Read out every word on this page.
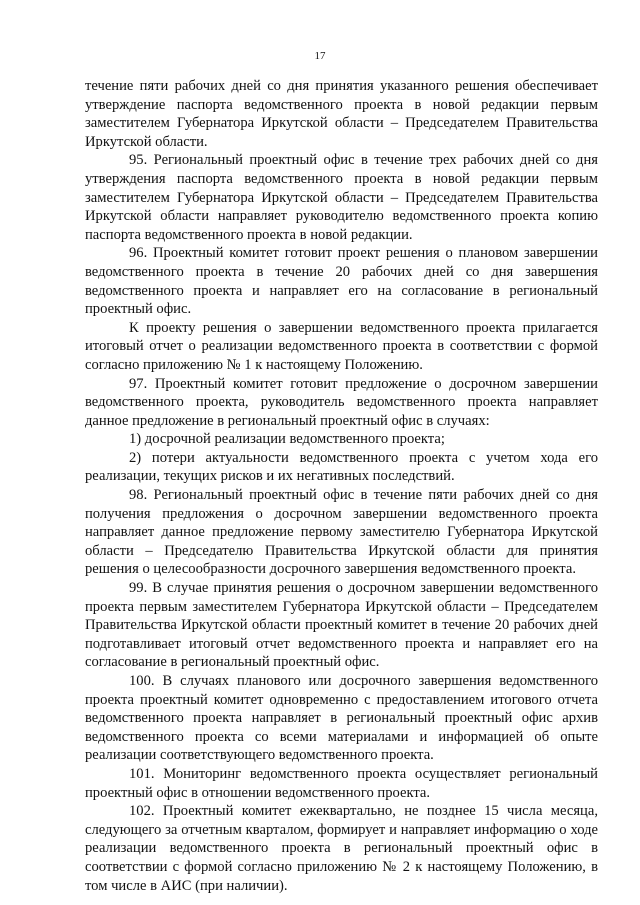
17

течение пяти рабочих дней со дня принятия указанного решения обеспечивает утверждение паспорта ведомственного проекта в новой редакции первым заместителем Губернатора Иркутской области – Председателем Правительства Иркутской области.

95. Региональный проектный офис в течение трех рабочих дней со дня утверждения паспорта ведомственного проекта в новой редакции первым заместителем Губернатора Иркутской области – Председателем Правительства Иркутской области направляет руководителю ведомственного проекта копию паспорта ведомственного проекта в новой редакции.

96. Проектный комитет готовит проект решения о плановом завершении ведомственного проекта в течение 20 рабочих дней со дня завершения ведомственного проекта и направляет его на согласование в региональный проектный офис.

К проекту решения о завершении ведомственного проекта прилагается итоговый отчет о реализации ведомственного проекта в соответствии с формой согласно приложению № 1 к настоящему Положению.

97. Проектный комитет готовит предложение о досрочном завершении ведомственного проекта, руководитель ведомственного проекта направляет данное предложение в региональный проектный офис в случаях:

1) досрочной реализации ведомственного проекта;

2) потери актуальности ведомственного проекта с учетом хода его реализации, текущих рисков и их негативных последствий.

98. Региональный проектный офис в течение пяти рабочих дней со дня получения предложения о досрочном завершении ведомственного проекта направляет данное предложение первому заместителю Губернатора Иркутской области – Председателю Правительства Иркутской области для принятия решения о целесообразности досрочного завершения ведомственного проекта.

99. В случае принятия решения о досрочном завершении ведомственного проекта первым заместителем Губернатора Иркутской области – Председателем Правительства Иркутской области проектный комитет в течение 20 рабочих дней подготавливает итоговый отчет ведомственного проекта и направляет его на согласование в региональный проектный офис.

100. В случаях планового или досрочного завершения ведомственного проекта проектный комитет одновременно с предоставлением итогового отчета ведомственного проекта направляет в региональный проектный офис архив ведомственного проекта со всеми материалами и информацией об опыте реализации соответствующего ведомственного проекта.

101. Мониторинг ведомственного проекта осуществляет региональный проектный офис в отношении ведомственного проекта.

102. Проектный комитет ежеквартально, не позднее 15 числа месяца, следующего за отчетным кварталом, формирует и направляет информацию о ходе реализации ведомственного проекта в региональный проектный офис в соответствии с формой согласно приложению № 2 к настоящему Положению, в том числе в АИС (при наличии).
